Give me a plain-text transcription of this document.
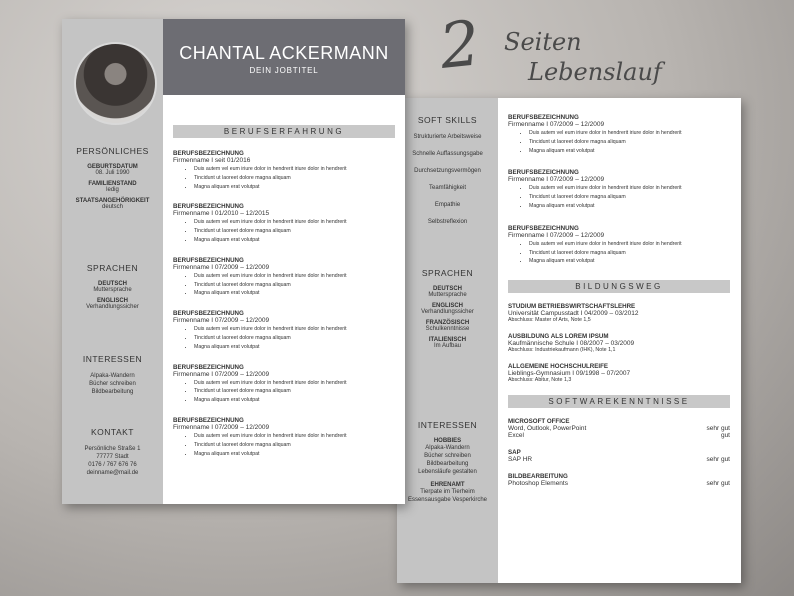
2 Seiten
Lebenslauf
SOFT SKILLS
Strukturierte Arbeitsweise
Schnelle Auffassungsgabe
Durchsetzungsvermögen
Teamfähigkeit
Empathie
Selbstreflexion
SPRACHEN
DEUTSCH
Muttersprache
ENGLISCH
Verhandlungssicher
FRANZÖSISCH
Schulkenntnisse
ITALIENISCH
Im Aufbau
INTERESSEN
HOBBIES
Alpaka-Wandern
Bücher schreiben
Bildbearbeitung
Lebensläufe gestalten
EHRENAMT
Tierpate im Tierheim
Essensausgabe Vesperkirche
BERUFSBEZEICHNUNG
Firmenname I 07/2009 – 12/2009
• Duis autem vel eum iriure dolor in hendrerit iriure dolor in hendrerit
• Tincidunt ut laoreet dolore magna aliquam
• Magna aliquam erat volutpat
BERUFSBEZEICHNUNG
Firmenname I 07/2009 – 12/2009
• Duis autem vel eum iriure dolor in hendrerit iriure dolor in hendrerit
• Tincidunt ut laoreet dolore magna aliquam
• Magna aliquam erat volutpat
BERUFSBEZEICHNUNG
Firmenname I 07/2009 – 12/2009
• Duis autem vel eum iriure dolor in hendrerit iriure dolor in hendrerit
• Tincidunt ut laoreet dolore magna aliquam
• Magna aliquam erat volutpat
BILDUNGSWEG
STUDIUM BETRIEBSWIRTSCHAFTSLEHRE
Universität Campusstadt I 04/2009 – 03/2012
Abschluss: Master of Arts, Note 1,5
AUSBILDUNG ALS LOREM IPSUM
Kaufmännische Schule I 08/2007 – 03/2009
Abschluss: Industriekaufmann (IHK), Note 1,1
ALLGEMEINE HOCHSCHULREIFE
Lieblings-Gymnasium I 09/1998 – 07/2007
Abschluss: Abitur, Note 1,3
SOFTWAREKENNTNISSE
MICROSOFT OFFICE
Word, Outlook, PowerPoint	sehr gut
Excel	gut
SAP
SAP HR	sehr gut
BILDBEARBEITUNG
Photoshop Elements	sehr gut
CHANTAL ACKERMANN
DEIN JOBTITEL
PERSÖNLICHES
GEBURTSDATUM
08. Juli 1990
FAMILIENSTAND
ledig
STAATSANGEHÖRIGKEIT
deutsch
SPRACHEN
DEUTSCH
Muttersprache
ENGLISCH
Verhandlungssicher
INTERESSEN
Alpaka-Wandern
Bücher schreiben
Bildbearbeitung
KONTAKT
Persönliche Straße 1
77777 Stadt
0176 / 767 676 76
deinname@mail.de
BERUFSERFAHRUNG
BERUFSBEZEICHNUNG
Firmenname I seit 01/2016
• Duis autem vel eum iriure dolor in hendrerit iriure dolor in hendrerit
• Tincidunt ut laoreet dolore magna aliquam
• Magna aliquam erat volutpat
BERUFSBEZEICHNUNG
Firmenname I 01/2010 – 12/2015
• Duis autem vel eum iriure dolor in hendrerit iriure dolor in hendrerit
• Tincidunt ut laoreet dolore magna aliquam
• Magna aliquam erat volutpat
BERUFSBEZEICHNUNG
Firmenname I 07/2009 – 12/2009
• Duis autem vel eum iriure dolor in hendrerit iriure dolor in hendrerit
• Tincidunt ut laoreet dolore magna aliquam
• Magna aliquam erat volutpat
BERUFSBEZEICHNUNG
Firmenname I 07/2009 – 12/2009
• Duis autem vel eum iriure dolor in hendrerit iriure dolor in hendrerit
• Tincidunt ut laoreet dolore magna aliquam
• Magna aliquam erat volutpat
BERUFSBEZEICHNUNG
Firmenname I 07/2009 – 12/2009
• Duis autem vel eum iriure dolor in hendrerit iriure dolor in hendrerit
• Tincidunt ut laoreet dolore magna aliquam
• Magna aliquam erat volutpat
BERUFSBEZEICHNUNG
Firmenname I 07/2009 – 12/2009
• Duis autem vel eum iriure dolor in hendrerit iriure dolor in hendrerit
• Tincidunt ut laoreet dolore magna aliquam
• Magna aliquam erat volutpat
